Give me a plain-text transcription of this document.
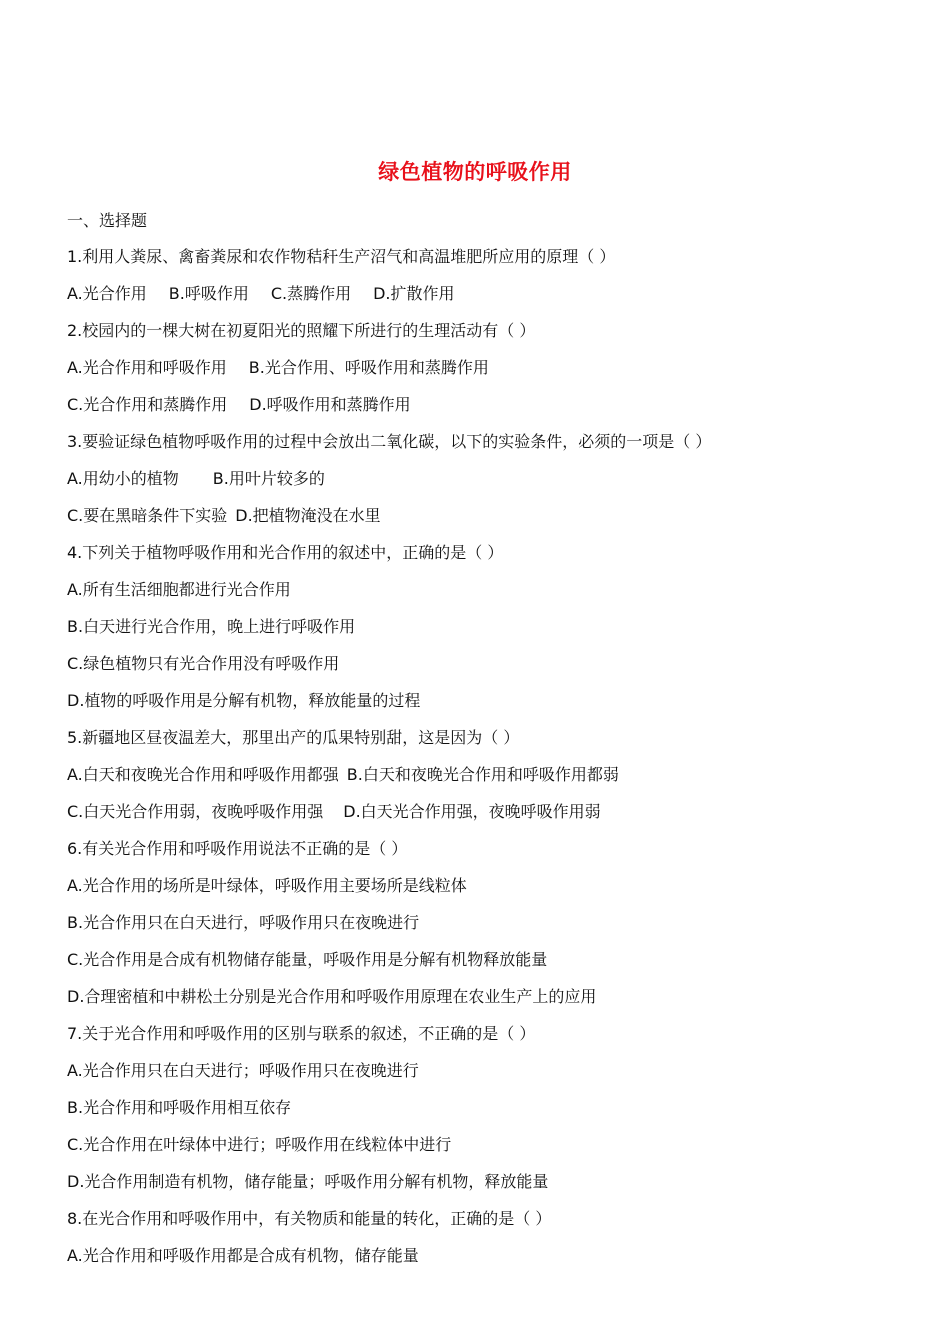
绿色植物的呼吸作用
一、选择题
1.利用人粪尿、禽畜粪尿和农作物秸秆生产沼气和高温堆肥所应用的原理（ ）
A.光合作用 B.呼吸作用 C.蒸腾作用 D.扩散作用
2.校园内的一棵大树在初夏阳光的照耀下所进行的生理活动有（ ）
A.光合作用和呼吸作用 B.光合作用、呼吸作用和蒸腾作用
C.光合作用和蒸腾作用 D.呼吸作用和蒸腾作用
3.要验证绿色植物呼吸作用的过程中会放出二氧化碳，以下的实验条件，必须的一项是（ ）
A.用幼小的植物 B.用叶片较多的
C.要在黑暗条件下实验 D.把植物淹没在水里
4.下列关于植物呼吸作用和光合作用的叙述中，正确的是（ ）
A.所有生活细胞都进行光合作用
B.白天进行光合作用，晚上进行呼吸作用
C.绿色植物只有光合作用没有呼吸作用
D.植物的呼吸作用是分解有机物，释放能量的过程
5.新疆地区昼夜温差大，那里出产的瓜果特别甜，这是因为（ ）
A.白天和夜晚光合作用和呼吸作用都强 B.白天和夜晚光合作用和呼吸作用都弱
C.白天光合作用弱，夜晚呼吸作用强 D.白天光合作用强，夜晚呼吸作用弱
6.有关光合作用和呼吸作用说法不正确的是（ ）
A.光合作用的场所是叶绿体，呼吸作用主要场所是线粒体
B.光合作用只在白天进行，呼吸作用只在夜晚进行
C.光合作用是合成有机物储存能量，呼吸作用是分解有机物释放能量
D.合理密植和中耕松土分别是光合作用和呼吸作用原理在农业生产上的应用
7.关于光合作用和呼吸作用的区别与联系的叙述，不正确的是（ ）
A.光合作用只在白天进行；呼吸作用只在夜晚进行
B.光合作用和呼吸作用相互依存
C.光合作用在叶绿体中进行；呼吸作用在线粒体中进行
D.光合作用制造有机物，储存能量；呼吸作用分解有机物，释放能量
8.在光合作用和呼吸作用中，有关物质和能量的转化，正确的是（ ）
A.光合作用和呼吸作用都是合成有机物，储存能量
